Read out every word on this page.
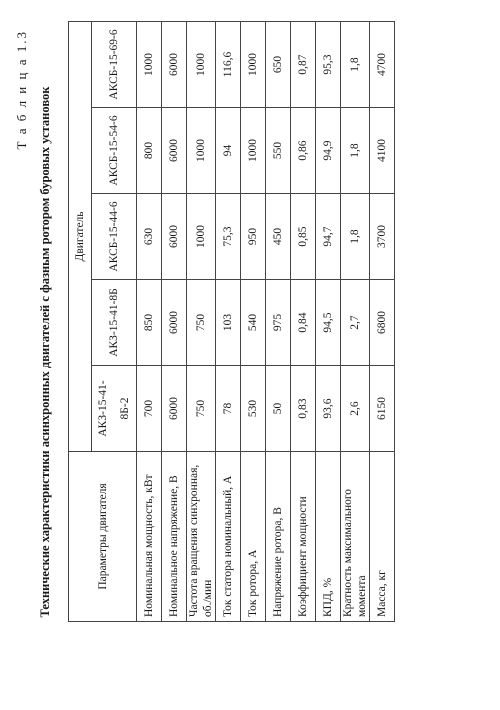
Т а б л и ц а 1.3 Технические характеристики асинхронных двигателей с фазным ротором буровых установок	Параметры двигателя	Двигатель				
	АКЗ-15-41-8Б-2	АКЗ-15-41-8Б	АКСБ-15-44-6	АКСБ-15-54-6	АКСБ-15-69-6
Номинальная мощность, кВт	700	850	630	800	1000
Номинальное напряжение, В	6000	6000	6000	6000	6000
Частота вращения синхронная, об./мин	750	750	1000	1000	1000
Ток статора номинальный, А	78	103	75,3	94	116,6
Ток ротора, А	530	540	950	1000	1000
Напряжение ротора, В	50	975	450	550	650
Коэффициент мощности	0,83	0,84	0,85	0,86	0,87
КПД, %	93,6	94,5	94,7	94,9	95,3
Кратность максимального момента	2,6	2,7	1,8	1,8	1,8
Масса, кг	6150	6800	3700	4100	4700
